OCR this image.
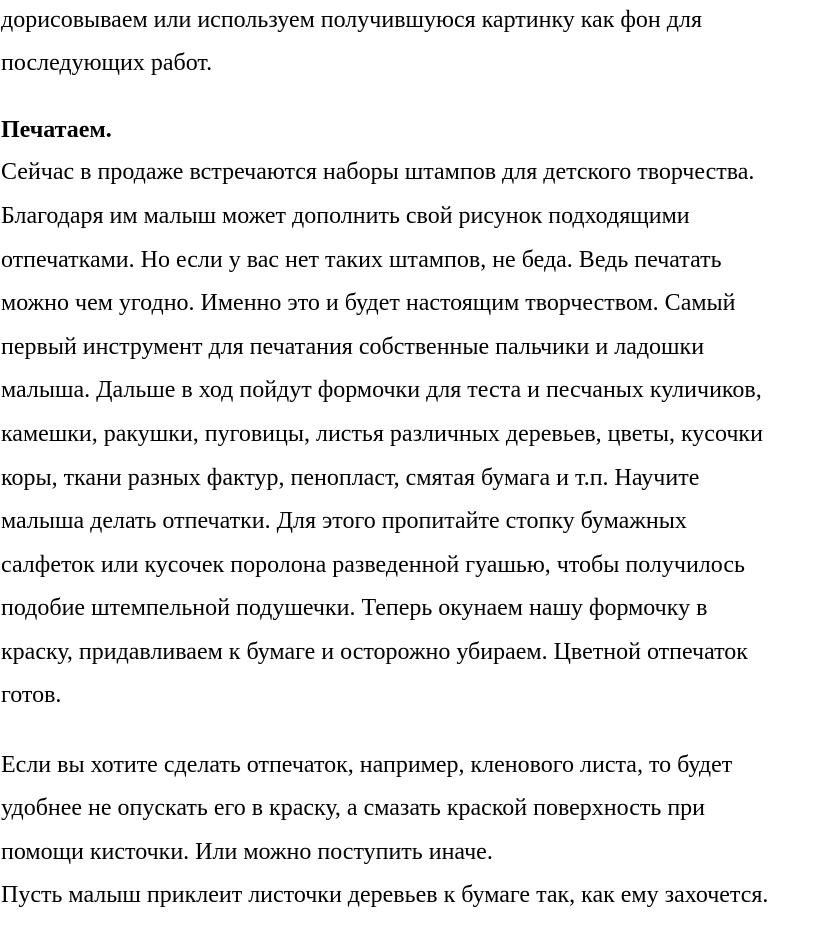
дорисовываем или используем получившуюся картинку как фон для
последующих работ.
Печатаем.
Сейчас в продаже встречаются наборы штампов для детского творчества.
Благодаря им малыш может дополнить свой рисунок подходящими
отпечатками. Но если у вас нет таких штампов, не беда. Ведь печатать
можно чем угодно. Именно это и будет настоящим творчеством. Самый
первый инструмент для печатания собственные пальчики и ладошки
малыша. Дальше в ход пойдут формочки для теста и песчаных куличиков,
камешки, ракушки, пуговицы, листья различных деревьев, цветы, кусочки
коры, ткани разных фактур, пенопласт, смятая бумага и т.п. Научите
малыша делать отпечатки. Для этого пропитайте стопку бумажных
салфеток или кусочек поролона разведенной гуашью, чтобы получилось
подобие штемпельной подушечки. Теперь окунаем нашу формочку в
краску, придавливаем к бумаге и осторожно убираем. Цветной отпечаток
готов.
Если вы хотите сделать отпечаток, например, кленового листа, то будет
удобнее не опускать его в краску, а смазать краской поверхность при
помощи кисточки. Или можно поступить иначе.
Пусть малыш приклеит листочки деревьев к бумаге так, как ему захочется.
